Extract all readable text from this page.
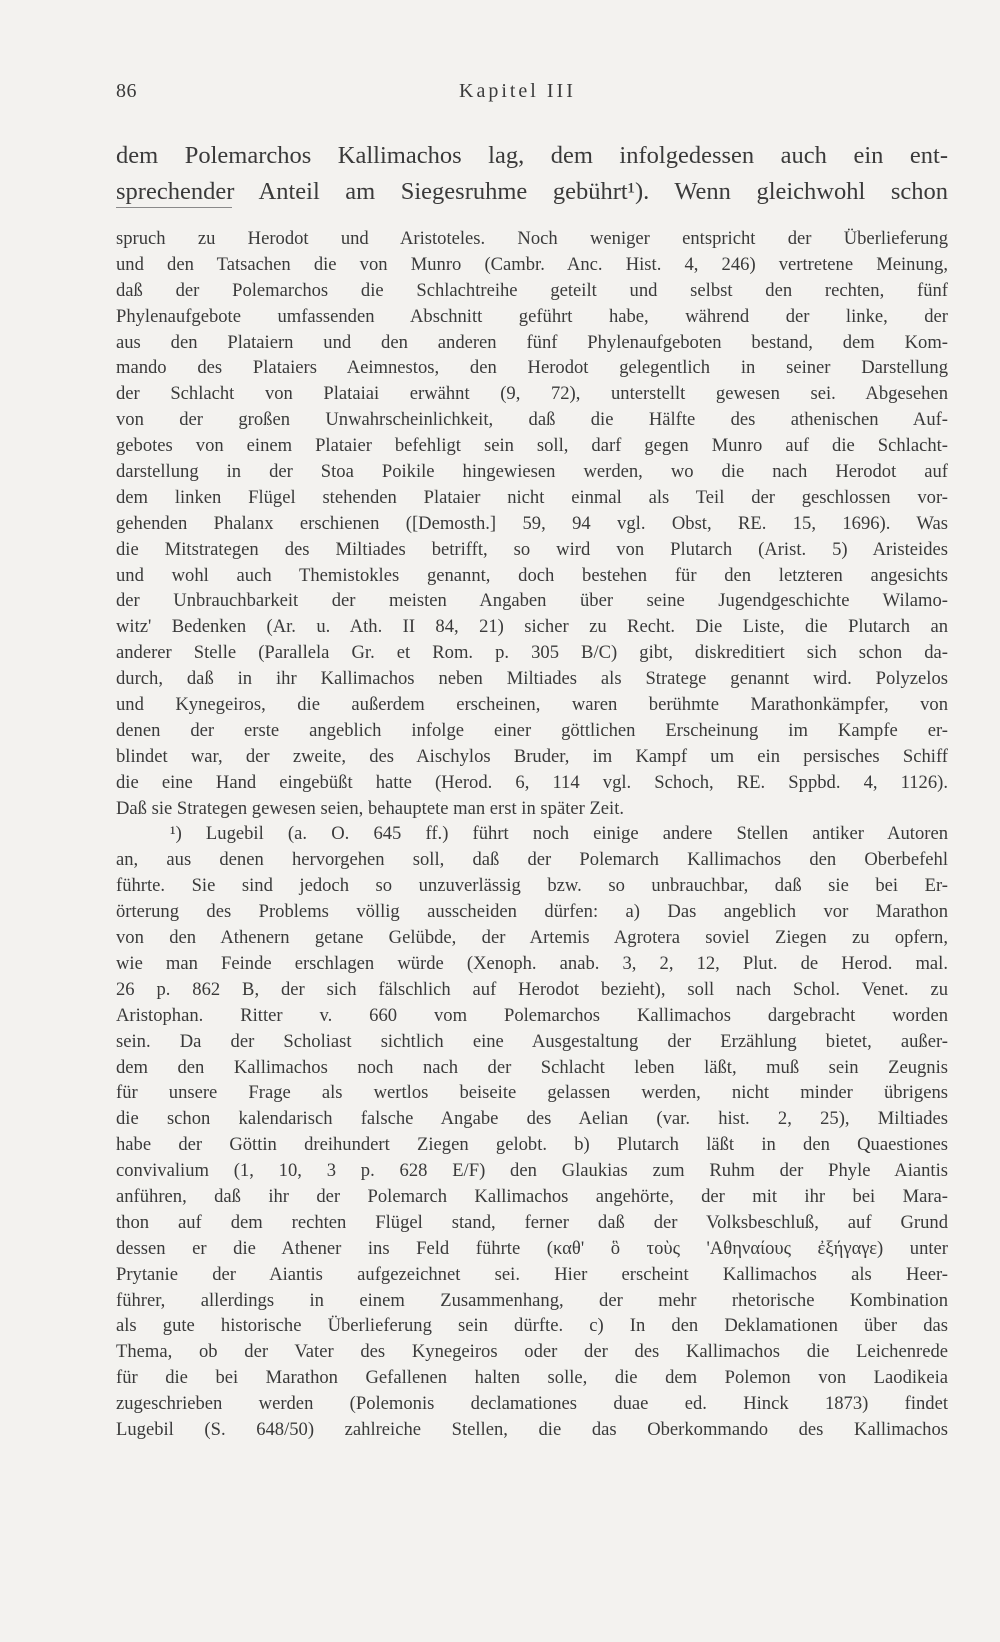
86	Kapitel III
dem Polemarchos Kallimachos lag, dem infolgedessen auch ein ent-
sprechender Anteil am Siegesruhme gebührt¹). Wenn gleichwohl schon
spruch zu Herodot und Aristoteles. Noch weniger entspricht der Überlieferung
und den Tatsachen die von Munro (Cambr. Anc. Hist. 4, 246) vertretene Meinung,
daß der Polemarchos die Schlachtreihe geteilt und selbst den rechten, fünf
Phylenaufgebote umfassenden Abschnitt geführt habe, während der linke, der
aus den Plataiern und den anderen fünf Phylenaufgeboten bestand, dem Kom-
mando des Plataiers Aeimnestos, den Herodot gelegentlich in seiner Darstellung
der Schlacht von Plataiai erwähnt (9, 72), unterstellt gewesen sei. Abgesehen
von der großen Unwahrscheinlichkeit, daß die Hälfte des athenischen Auf-
gebotes von einem Plataier befehligt sein soll, darf gegen Munro auf die Schlacht-
darstellung in der Stoa Poikile hingewiesen werden, wo die nach Herodot auf
dem linken Flügel stehenden Plataier nicht einmal als Teil der geschlossen vor-
gehenden Phalanx erschienen ([Demosth.] 59, 94 vgl. Obst, RE. 15, 1696). Was
die Mitstrategen des Miltiades betrifft, so wird von Plutarch (Arist. 5) Aristeides
und wohl auch Themistokles genannt, doch bestehen für den letzteren angesichts
der Unbrauchbarkeit der meisten Angaben über seine Jugendgeschichte Wilamo-
witz' Bedenken (Ar. u. Ath. II 84, 21) sicher zu Recht. Die Liste, die Plutarch an
anderer Stelle (Parallela Gr. et Rom. p. 305 B/C) gibt, diskreditiert sich schon da-
durch, daß in ihr Kallimachos neben Miltiades als Stratege genannt wird. Polyzelos
und Kynegeiros, die außerdem erscheinen, waren berühmte Marathonkämpfer, von
denen der erste angeblich infolge einer göttlichen Erscheinung im Kampfe er-
blindet war, der zweite, des Aischylos Bruder, im Kampf um ein persisches Schiff
die eine Hand eingebüßt hatte (Herod. 6, 114 vgl. Schoch, RE. Sppbd. 4, 1126).
Daß sie Strategen gewesen seien, behauptete man erst in später Zeit.
¹) Lugebil (a. O. 645 ff.) führt noch einige andere Stellen antiker Autoren
an, aus denen hervorgehen soll, daß der Polemarch Kallimachos den Oberbefehl
führte. Sie sind jedoch so unzuverlässig bzw. so unbrauchbar, daß sie bei Er-
örterung des Problems völlig ausscheiden dürfen: a) Das angeblich vor Marathon
von den Athenern getane Gelübde, der Artemis Agrotera soviel Ziegen zu opfern,
wie man Feinde erschlagen würde (Xenoph. anab. 3, 2, 12, Plut. de Herod. mal.
26 p. 862 B, der sich fälschlich auf Herodot bezieht), soll nach Schol. Venet. zu
Aristophan. Ritter v. 660 vom Polemarchos Kallimachos dargebracht worden
sein. Da der Scholiast sichtlich eine Ausgestaltung der Erzählung bietet, außer-
dem den Kallimachos noch nach der Schlacht leben läßt, muß sein Zeugnis
für unsere Frage als wertlos beiseite gelassen werden, nicht minder übrigens
die schon kalendarisch falsche Angabe des Aelian (var. hist. 2, 25), Miltiades
habe der Göttin dreihundert Ziegen gelobt. b) Plutarch läßt in den Quaestiones
convivalium (1, 10, 3 p. 628 E/F) den Glaukias zum Ruhm der Phyle Aiantis
anführen, daß ihr der Polemarch Kallimachos angehörte, der mit ihr bei Mara-
thon auf dem rechten Flügel stand, ferner daß der Volksbeschluß, auf Grund
dessen er die Athener ins Feld führte (καθ' ὃ τοὺς 'Αθηναίους ἐξήγαγε) unter
Prytanie der Aiantis aufgezeichnet sei. Hier erscheint Kallimachos als Heer-
führer, allerdings in einem Zusammenhang, der mehr rhetorische Kombination
als gute historische Überlieferung sein dürfte. c) In den Deklamationen über das
Thema, ob der Vater des Kynegeiros oder der des Kallimachos die Leichenrede
für die bei Marathon Gefallenen halten solle, die dem Polemon von Laodikeia
zugeschrieben werden (Polemonis declamationes duae ed. Hinck 1873) findet
Lugebil (S. 648/50) zahlreiche Stellen, die das Oberkommando des Kallimachos
